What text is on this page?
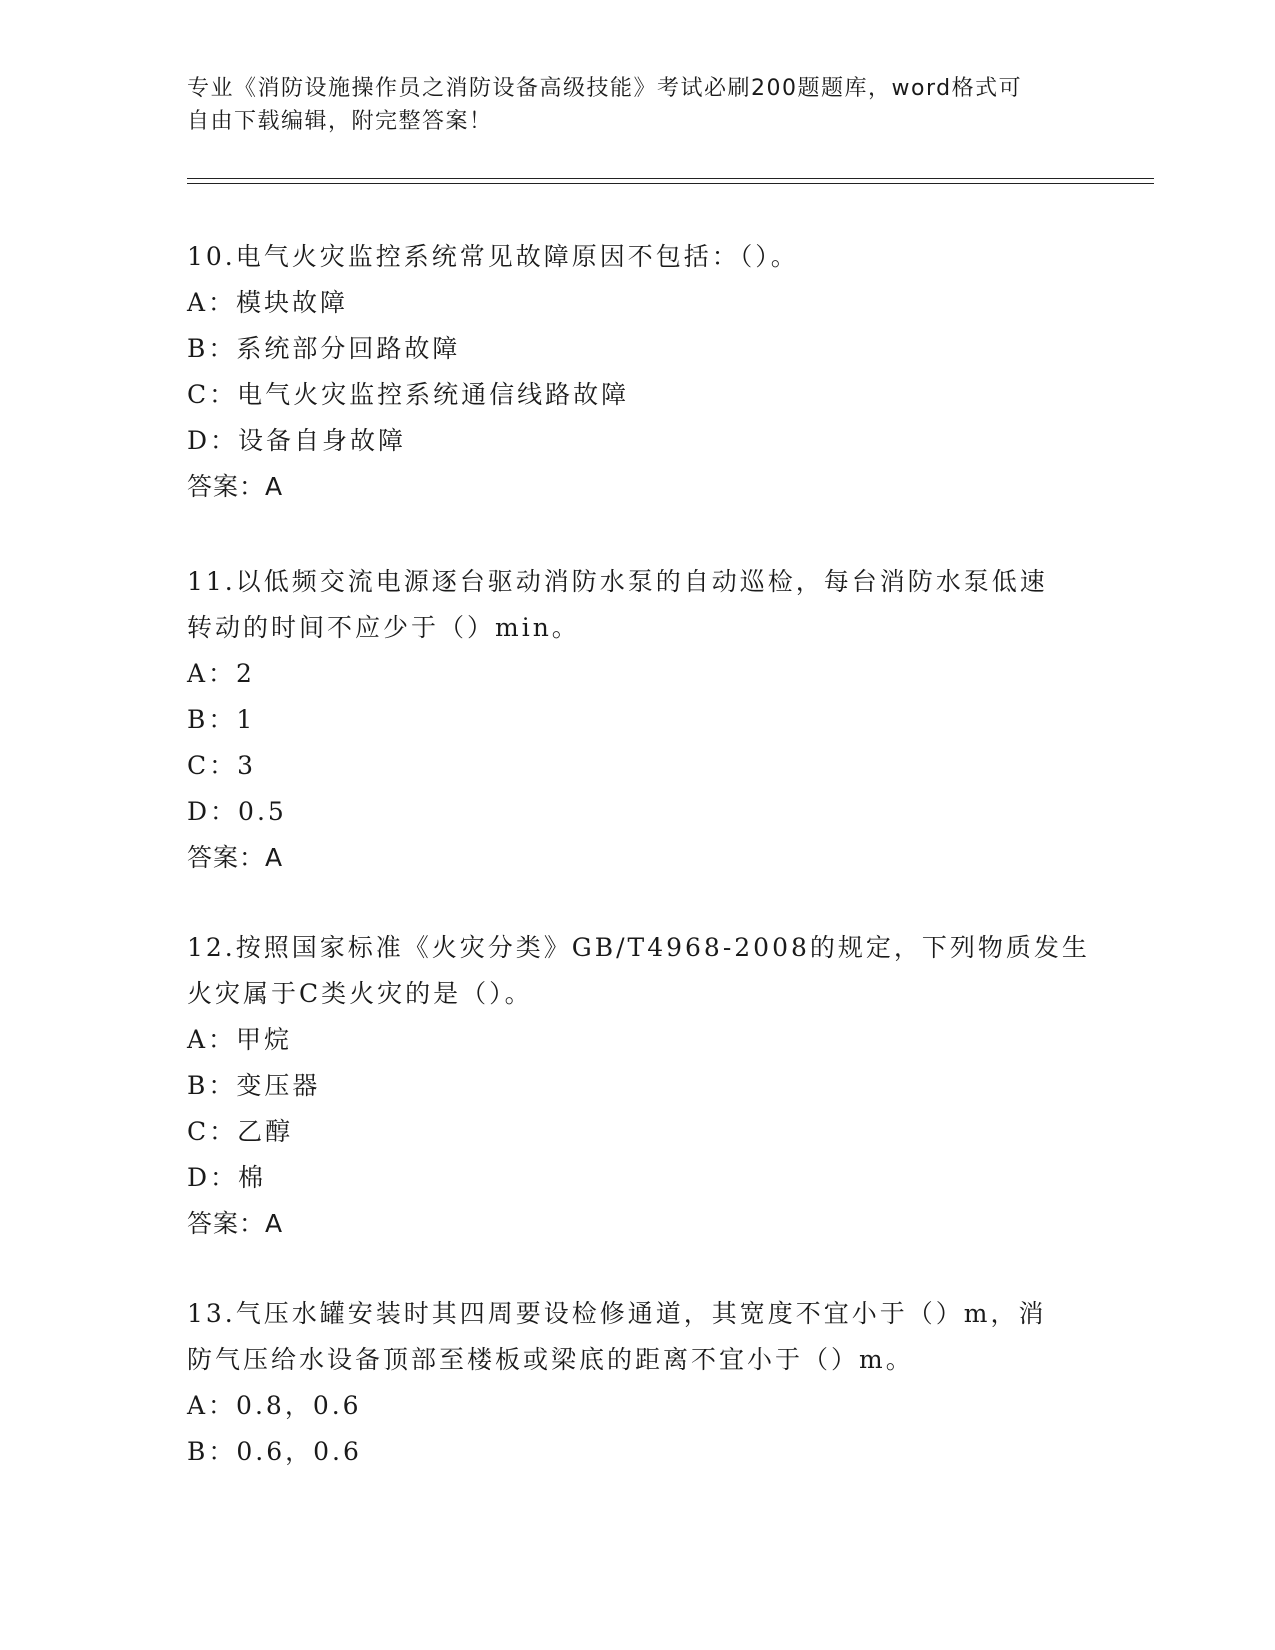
专业《消防设施操作员之消防设备高级技能》考试必刷200题题库，word格式可
自由下载编辑，附完整答案！
10.电气火灾监控系统常见故障原因不包括：（）。
A：模块故障
B：系统部分回路故障
C：电气火灾监控系统通信线路故障
D：设备自身故障
答案：A
11.以低频交流电源逐台驱动消防水泵的自动巡检，每台消防水泵低速
转动的时间不应少于（）min。
A：2
B：1
C：3
D：0.5
答案：A
12.按照国家标准《火灾分类》GB/T4968-2008的规定，下列物质发生
火灾属于C类火灾的是（）。
A：甲烷
B：变压器
C：乙醇
D：棉
答案：A
13.气压水罐安装时其四周要设检修通道，其宽度不宜小于（）m，消
防气压给水设备顶部至楼板或梁底的距离不宜小于（）m。
A：0.8，0.6
B：0.6，0.6
